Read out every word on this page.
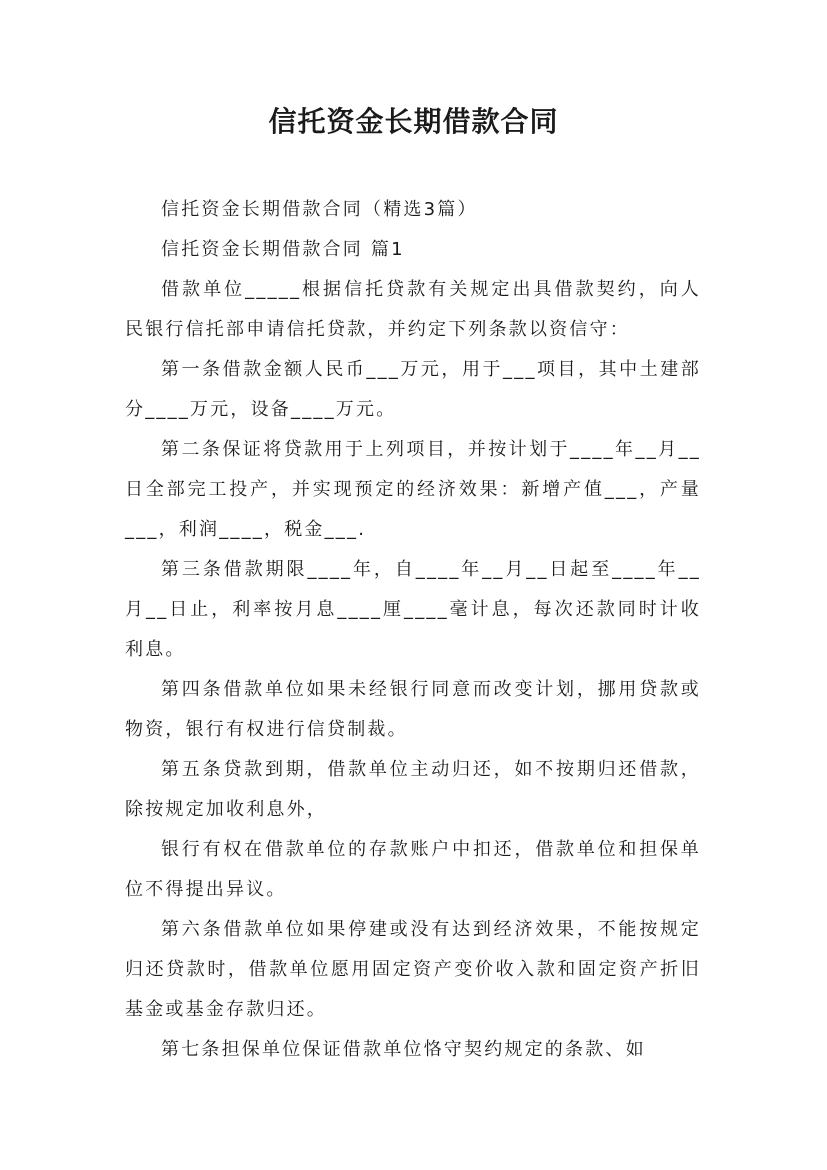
信托资金长期借款合同

信托资金长期借款合同（精选3篇）

信托资金长期借款合同 篇1

借款单位_____根据信托贷款有关规定出具借款契约，向人民银行信托部申请信托贷款，并约定下列条款以资信守：

第一条借款金额人民币___万元，用于___项目，其中土建部分____万元，设备____万元。

第二条保证将贷款用于上列项目，并按计划于____年__月__日全部完工投产，并实现预定的经济效果：新增产值___，产量___，利润____，税金___.

第三条借款期限____年，自____年__月__日起至____年__月__日止，利率按月息____厘____毫计息，每次还款同时计收利息。

第四条借款单位如果未经银行同意而改变计划，挪用贷款或物资，银行有权进行信贷制裁。

第五条贷款到期，借款单位主动归还，如不按期归还借款，除按规定加收利息外，

银行有权在借款单位的存款账户中扣还，借款单位和担保单位不得提出异议。

第六条借款单位如果停建或没有达到经济效果，不能按规定归还贷款时，借款单位愿用固定资产变价收入款和固定资产折旧基金或基金存款归还。

第七条担保单位保证借款单位恪守契约规定的条款、如
